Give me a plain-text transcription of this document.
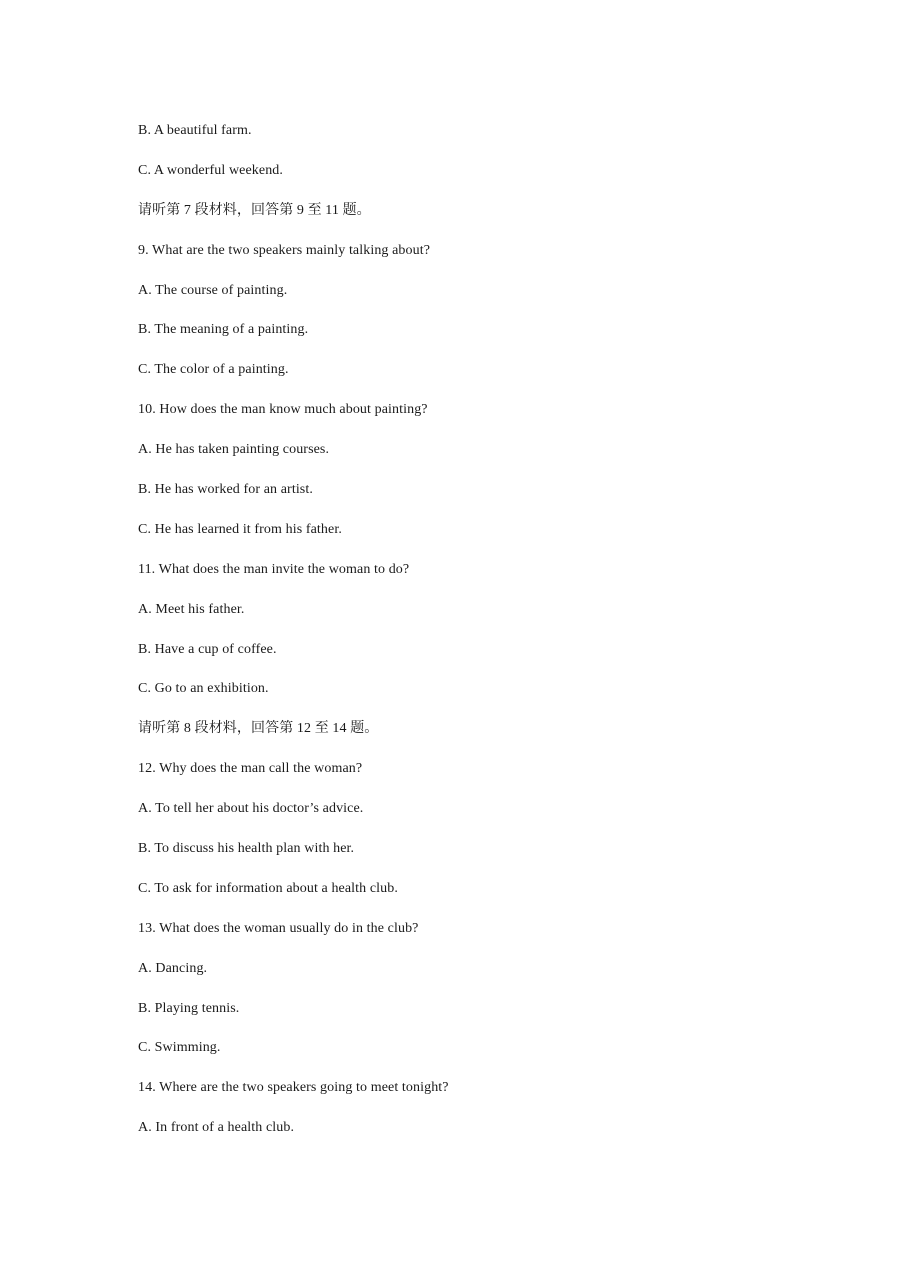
B. A beautiful farm.
C. A wonderful weekend.
请听第 7 段材料，回答第 9 至 11 题。
9. What are the two speakers mainly talking about?
A. The course of painting.
B. The meaning of a painting.
C. The color of a painting.
10. How does the man know much about painting?
A. He has taken painting courses.
B. He has worked for an artist.
C. He has learned it from his father.
11. What does the man invite the woman to do?
A. Meet his father.
B. Have a cup of coffee.
C. Go to an exhibition.
请听第 8 段材料，回答第 12 至 14 题。
12. Why does the man call the woman?
A. To tell her about his doctor’s advice.
B. To discuss his health plan with her.
C. To ask for information about a health club.
13. What does the woman usually do in the club?
A. Dancing.
B. Playing tennis.
C. Swimming.
14. Where are the two speakers going to meet tonight?
A. In front of a health club.
